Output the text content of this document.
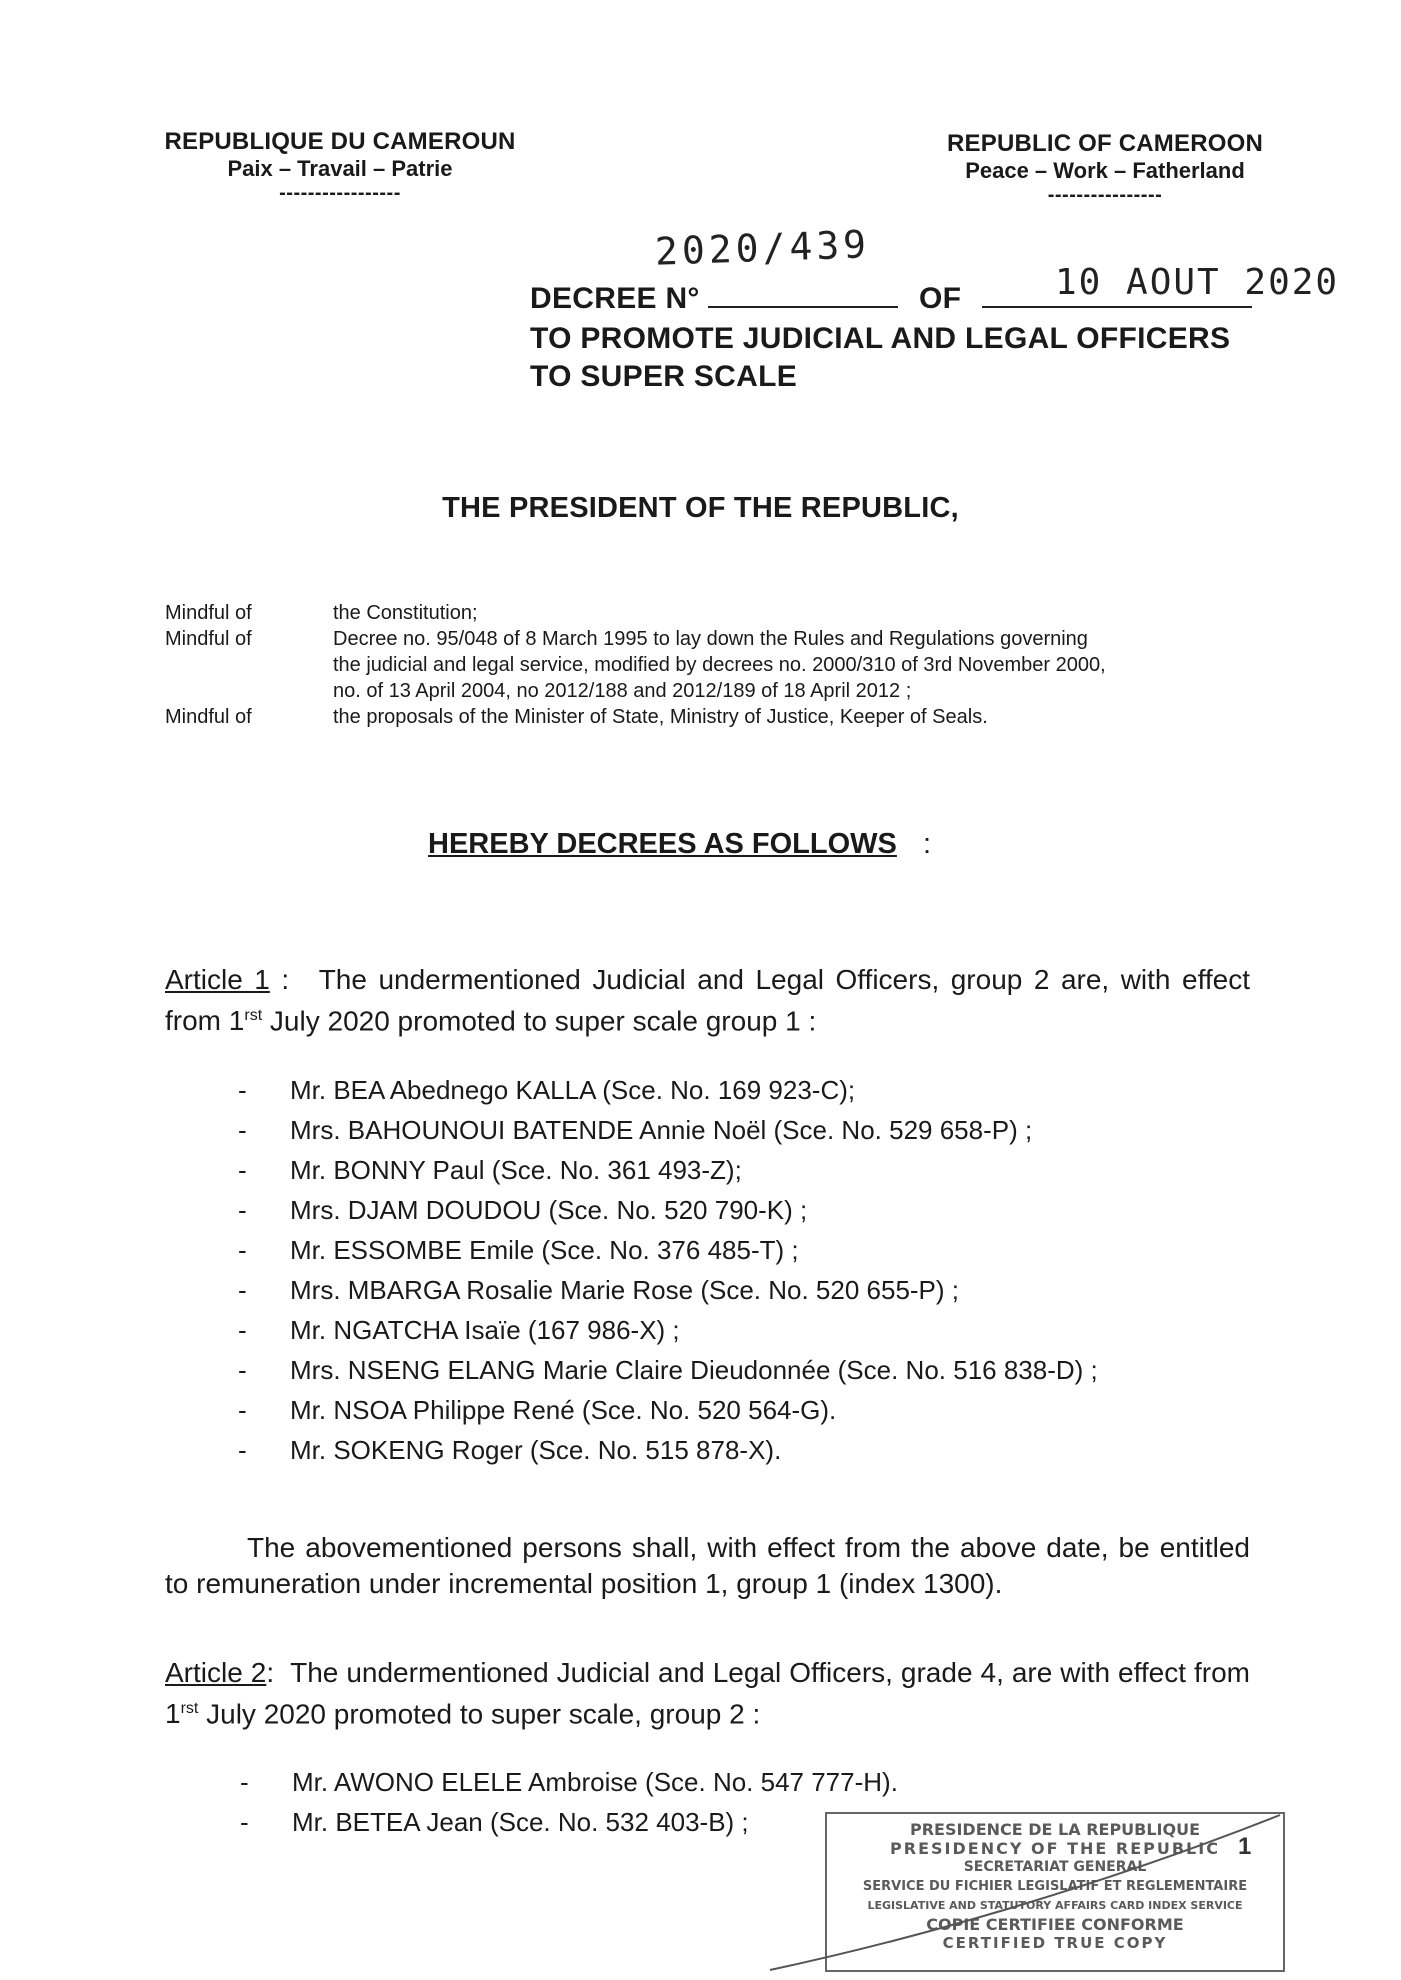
REPUBLIQUE DU CAMEROUN
Paix – Travail – Patrie
-----------------
REPUBLIC OF CAMEROON
Peace – Work – Fatherland
----------------
2020/439
10 AOUT 2020
DECREE N°	OF
TO PROMOTE JUDICIAL AND LEGAL OFFICERS
TO SUPER SCALE
THE PRESIDENT OF THE REPUBLIC,
Mindful of	the Constitution;
Mindful of	Decree no. 95/048 of 8 March 1995 to lay down the Rules and Regulations governing
the judicial and legal service, modified by decrees no. 2000/310 of 3rd November 2000,
no. of 13 April 2004, no 2012/188 and 2012/189 of 18 April 2012 ;
Mindful of	the proposals of the Minister of State, Ministry of Justice, Keeper of Seals.
HEREBY DECREES AS FOLLOWS :
Article 1 : The undermentioned Judicial and Legal Officers, group 2 are, with effect from $1^{rst}$ July 2020 promoted to super scale group 1 :
- Mr. BEA Abednego KALLA (Sce. No. 169 923-C);
- Mrs. BAHOUNOUI BATENDE Annie Noël (Sce. No. 529 658-P) ;
- Mr. BONNY Paul (Sce. No. 361 493-Z);
- Mrs. DJAM DOUDOU (Sce. No. 520 790-K) ;
- Mr. ESSOMBE Emile (Sce. No. 376 485-T) ;
- Mrs. MBARGA Rosalie Marie Rose (Sce. No. 520 655-P) ;
- Mr. NGATCHA Isaïe (167 986-X) ;
- Mrs. NSENG ELANG Marie Claire Dieudonnée (Sce. No. 516 838-D) ;
- Mr. NSOA Philippe René (Sce. No. 520 564-G).
- Mr. SOKENG Roger (Sce. No. 515 878-X).
The abovementioned persons shall, with effect from the above date, be entitled to remuneration under incremental position 1, group 1 (index 1300).
Article 2: The undermentioned Judicial and Legal Officers, grade 4, are with effect from $1^{rst}$ July 2020 promoted to super scale, group 2 :
- Mr. AWONO ELELE Ambroise (Sce. No. 547 777-H).
- Mr. BETEA Jean (Sce. No. 532 403-B) ;	PRESIDENCE DE LA REPUBLIQUE
PRESIDENCY OF THE REPUBLIC
SECRETARIAT GENERAL
SERVICE DU FICHIER LEGISLATIF ET REGLEMENTAIRE
LEGISLATIVE AND STATUTORY AFFAIRS CARD INDEX SERVICE
COPIE CERTIFIEE CONFORME
CERTIFIED TRUE COPY
1
